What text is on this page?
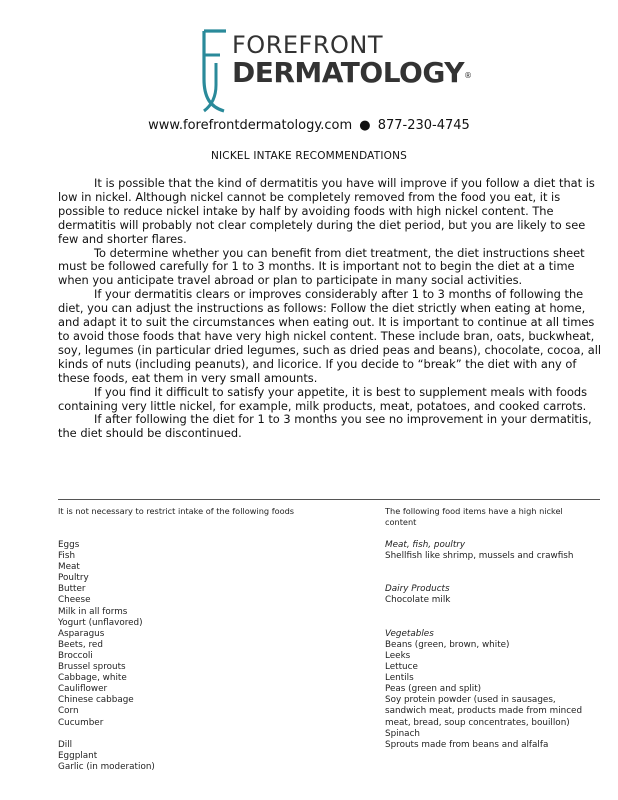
FOREFRONT
DERMATOLOGY ®
www.forefrontdermatology.com ● 877-230-4745
NICKEL INTAKE RECOMMENDATIONS

It is possible that the kind of dermatitis you have will improve if you follow a diet that is low in nickel. Although nickel cannot be completely removed from the food you eat, it is possible to reduce nickel intake by half by avoiding foods with high nickel content. The dermatitis will probably not clear completely during the diet period, but you are likely to see few and shorter flares.

To determine whether you can benefit from diet treatment, the diet instructions sheet must be followed carefully for 1 to 3 months. It is important not to begin the diet at a time when you anticipate travel abroad or plan to participate in many social activities.

If your dermatitis clears or improves considerably after 1 to 3 months of following the diet, you can adjust the instructions as follows: Follow the diet strictly when eating at home, and adapt it to suit the circumstances when eating out. It is important to continue at all times to avoid those foods that have very high nickel content. These include bran, oats, buckwheat, soy, legumes (in particular dried legumes, such as dried peas and beans), chocolate, cocoa, all kinds of nuts (including peanuts), and licorice. If you decide to “break” the diet with any of these foods, eat them in very small amounts.

If you find it difficult to satisfy your appetite, it is best to supplement meals with foods containing very little nickel, for example, milk products, meat, potatoes, and cooked carrots.

If after following the diet for 1 to 3 months you see no improvement in your dermatitis, the diet should be discontinued.

It is not necessary to restrict intake of the following foods	The following food items have a high nickel content
Eggs
Fish
Meat
Poultry
Butter
Cheese
Milk in all forms
Yogurt (unflavored)
Asparagus
Beets, red
Broccoli
Brussel sprouts
Cabbage, white
Cauliflower
Chinese cabbage
Corn
Cucumber
Dill
Eggplant
Garlic (in moderation)
Meat, fish, poultry
Shellfish like shrimp, mussels and crawfish
Dairy Products
Chocolate milk
Vegetables
Beans (green, brown, white)
Leeks
Lettuce
Lentils
Peas (green and split)
Soy protein powder (used in sausages, sandwich meat, products made from minced meat, bread, soup concentrates, bouillon)
Spinach
Sprouts made from beans and alfalfa
